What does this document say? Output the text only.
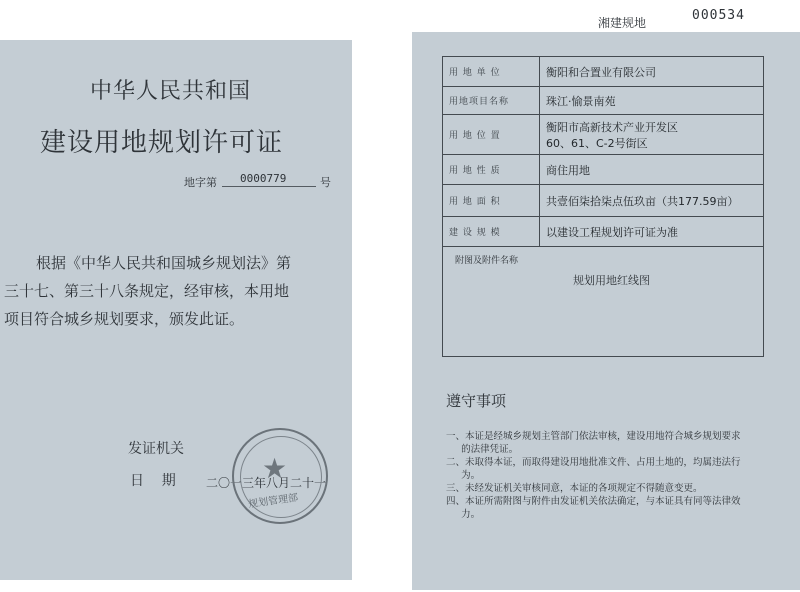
湘建规地	000534
中华人民共和国
建设用地规划许可证
地字第 0000779	号
根据《中华人民共和国城乡规划法》第
三十七、第三十八条规定，经审核，本用地
项目符合城乡规划要求，颁发此证。
发证机关
日    期	二〇一三年八月二十一
★
规划管理部
用 地 单 位	衡阳和合置业有限公司
用地项目名称	珠江·愉景南苑
用 地 位 置	衡阳市高新技术产业开发区
60、61、C-2号街区

用 地 性 质	商住用地
用 地 面 积	共壹佰柒拾柒点伍玖亩（共177.59亩）
建 设 规 模	以建设工程规划许可证为准

附图及附件名称
规划用地红线图	
遵守事项
一、本证是经城乡规划主管部门依法审核，建设用地符合城乡规划要求
的法律凭证。
二、未取得本证，而取得建设用地批准文件、占用土地的，均属违法行
为。
三、未经发证机关审核同意，本证的各项规定不得随意变更。
四、本证所需附图与附件由发证机关依法确定，与本证具有同等法律效
力。
